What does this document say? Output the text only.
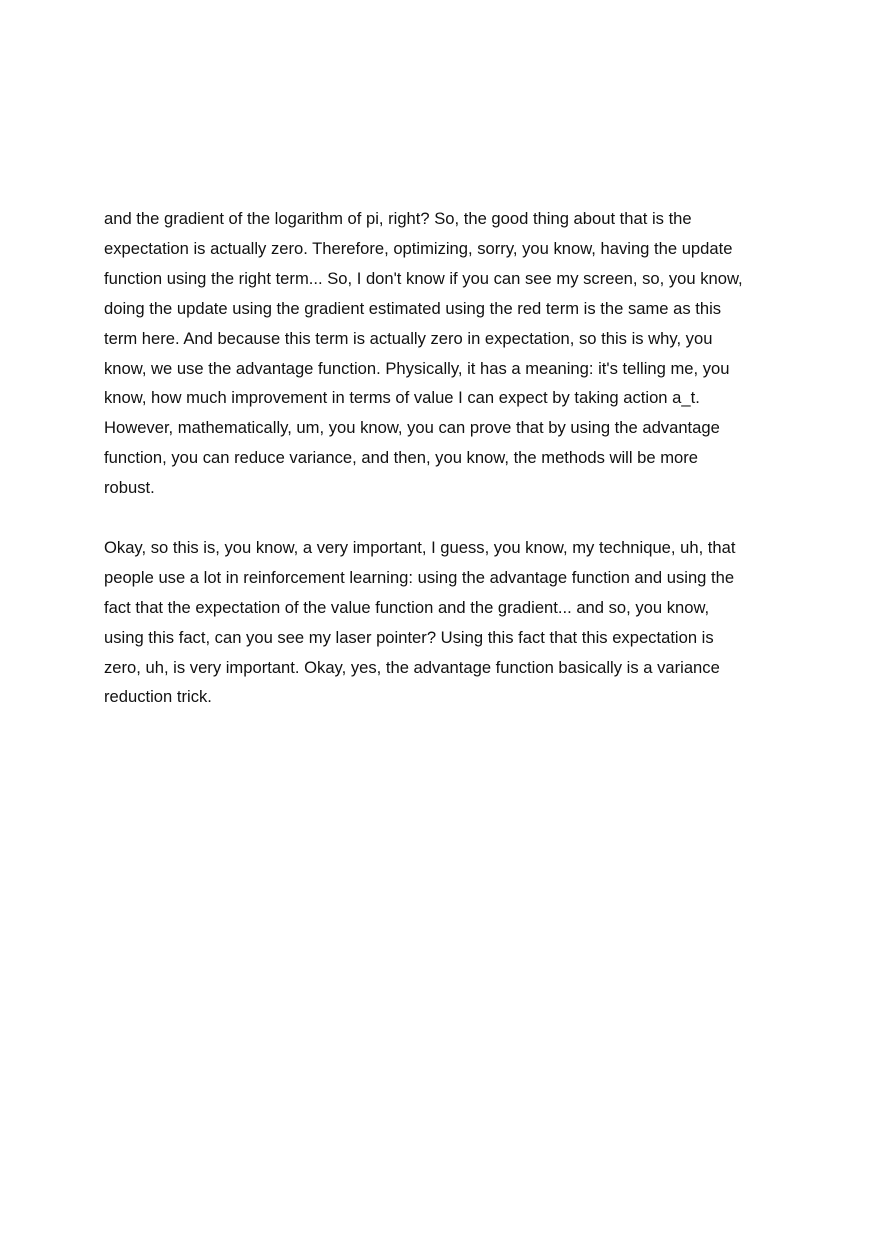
and the gradient of the logarithm of pi, right? So, the good thing about that is the
expectation is actually zero. Therefore, optimizing, sorry, you know, having the update
function using the right term... So, I don't know if you can see my screen, so, you know,
doing the update using the gradient estimated using the red term is the same as this
term here. And because this term is actually zero in expectation, so this is why, you
know, we use the advantage function. Physically, it has a meaning: it's telling me, you
know, how much improvement in terms of value I can expect by taking action a_t.
However, mathematically, um, you know, you can prove that by using the advantage
function, you can reduce variance, and then, you know, the methods will be more
robust.

Okay, so this is, you know, a very important, I guess, you know, my technique, uh, that
people use a lot in reinforcement learning: using the advantage function and using the
fact that the expectation of the value function and the gradient... and so, you know,
using this fact, can you see my laser pointer? Using this fact that this expectation is
zero, uh, is very important. Okay, yes, the advantage function basically is a variance
reduction trick.
